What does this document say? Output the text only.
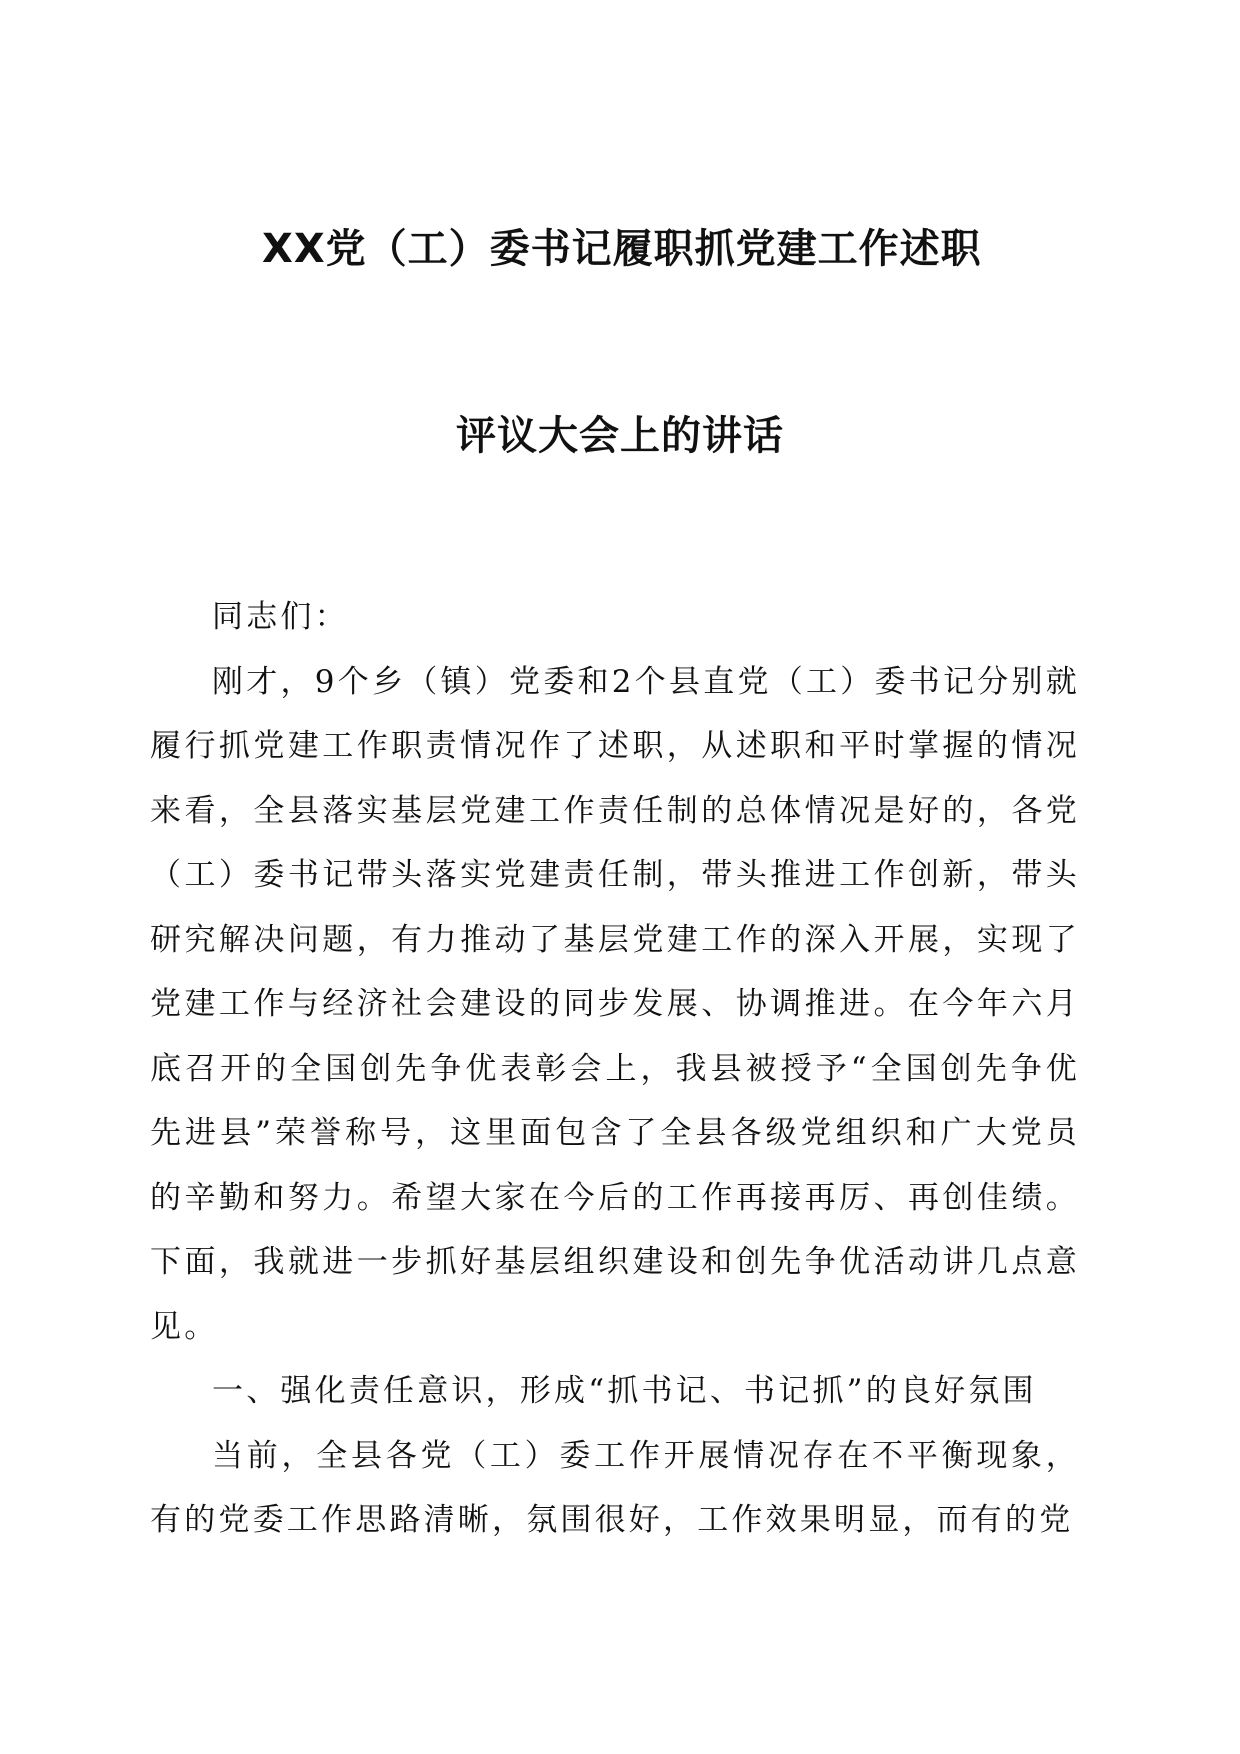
XX党（工）委书记履职抓党建工作述职
评议大会上的讲话

同志们：

刚才，9个乡（镇）党委和2个县直党（工）委书记分别就履行抓党建工作职责情况作了述职，从述职和平时掌握的情况来看，全县落实基层党建工作责任制的总体情况是好的，各党（工）委书记带头落实党建责任制，带头推进工作创新，带头研究解决问题，有力推动了基层党建工作的深入开展，实现了党建工作与经济社会建设的同步发展、协调推进。在今年六月底召开的全国创先争优表彰会上，我县被授予“全国创先争优先进县”荣誉称号，这里面包含了全县各级党组织和广大党员的辛勤和努力。希望大家在今后的工作再接再厉、再创佳绩。下面，我就进一步抓好基层组织建设和创先争优活动讲几点意见。

一、强化责任意识，形成“抓书记、书记抓”的良好氛围

当前，全县各党（工）委工作开展情况存在不平衡现象，有的党委工作思路清晰，氛围很好，工作效果明显，而有的党
